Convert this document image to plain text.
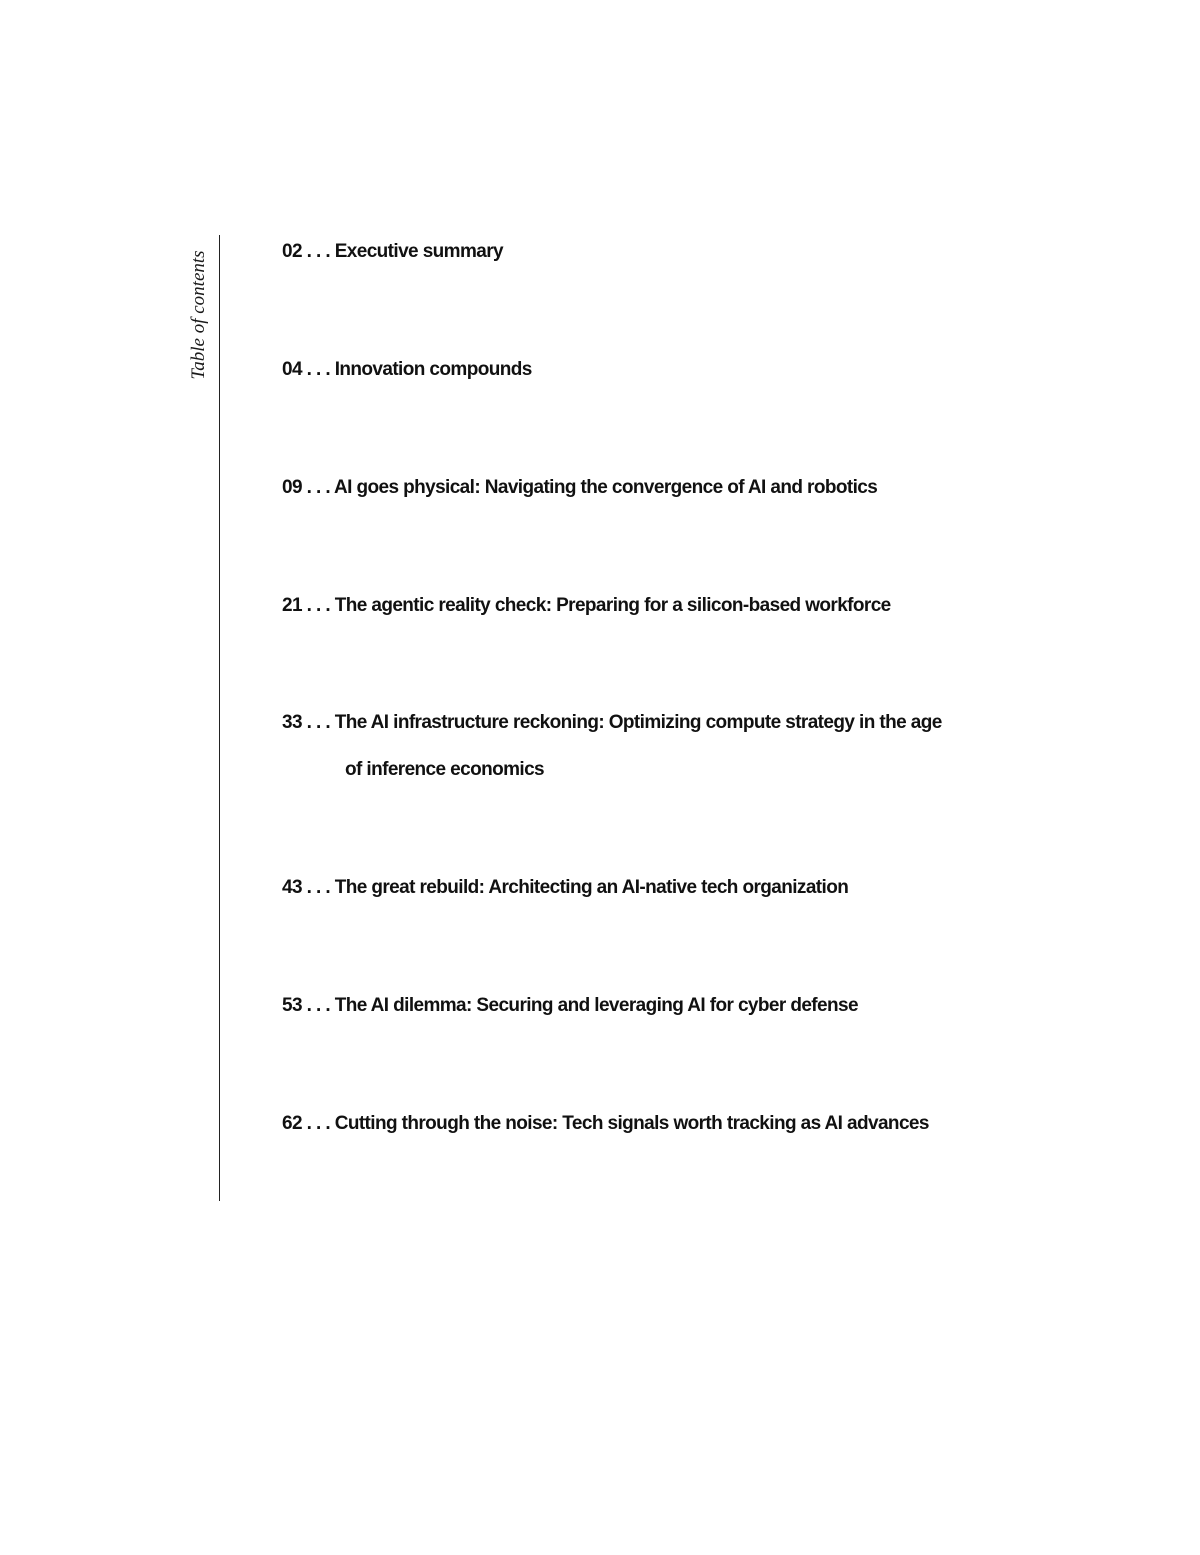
Table of contents	02 . . . Executive summary
04 . . . Innovation compounds
09 . . . AI goes physical: Navigating the convergence of AI and robotics
21 . . . The agentic reality check: Preparing for a silicon-based workforce
33 . . . The AI infrastructure reckoning: Optimizing compute strategy in the age
of inference economics
43 . . . The great rebuild: Architecting an AI-native tech organization
53 . . . The AI dilemma: Securing and leveraging AI for cyber defense
62 . . . Cutting through the noise: Tech signals worth tracking as AI advances
